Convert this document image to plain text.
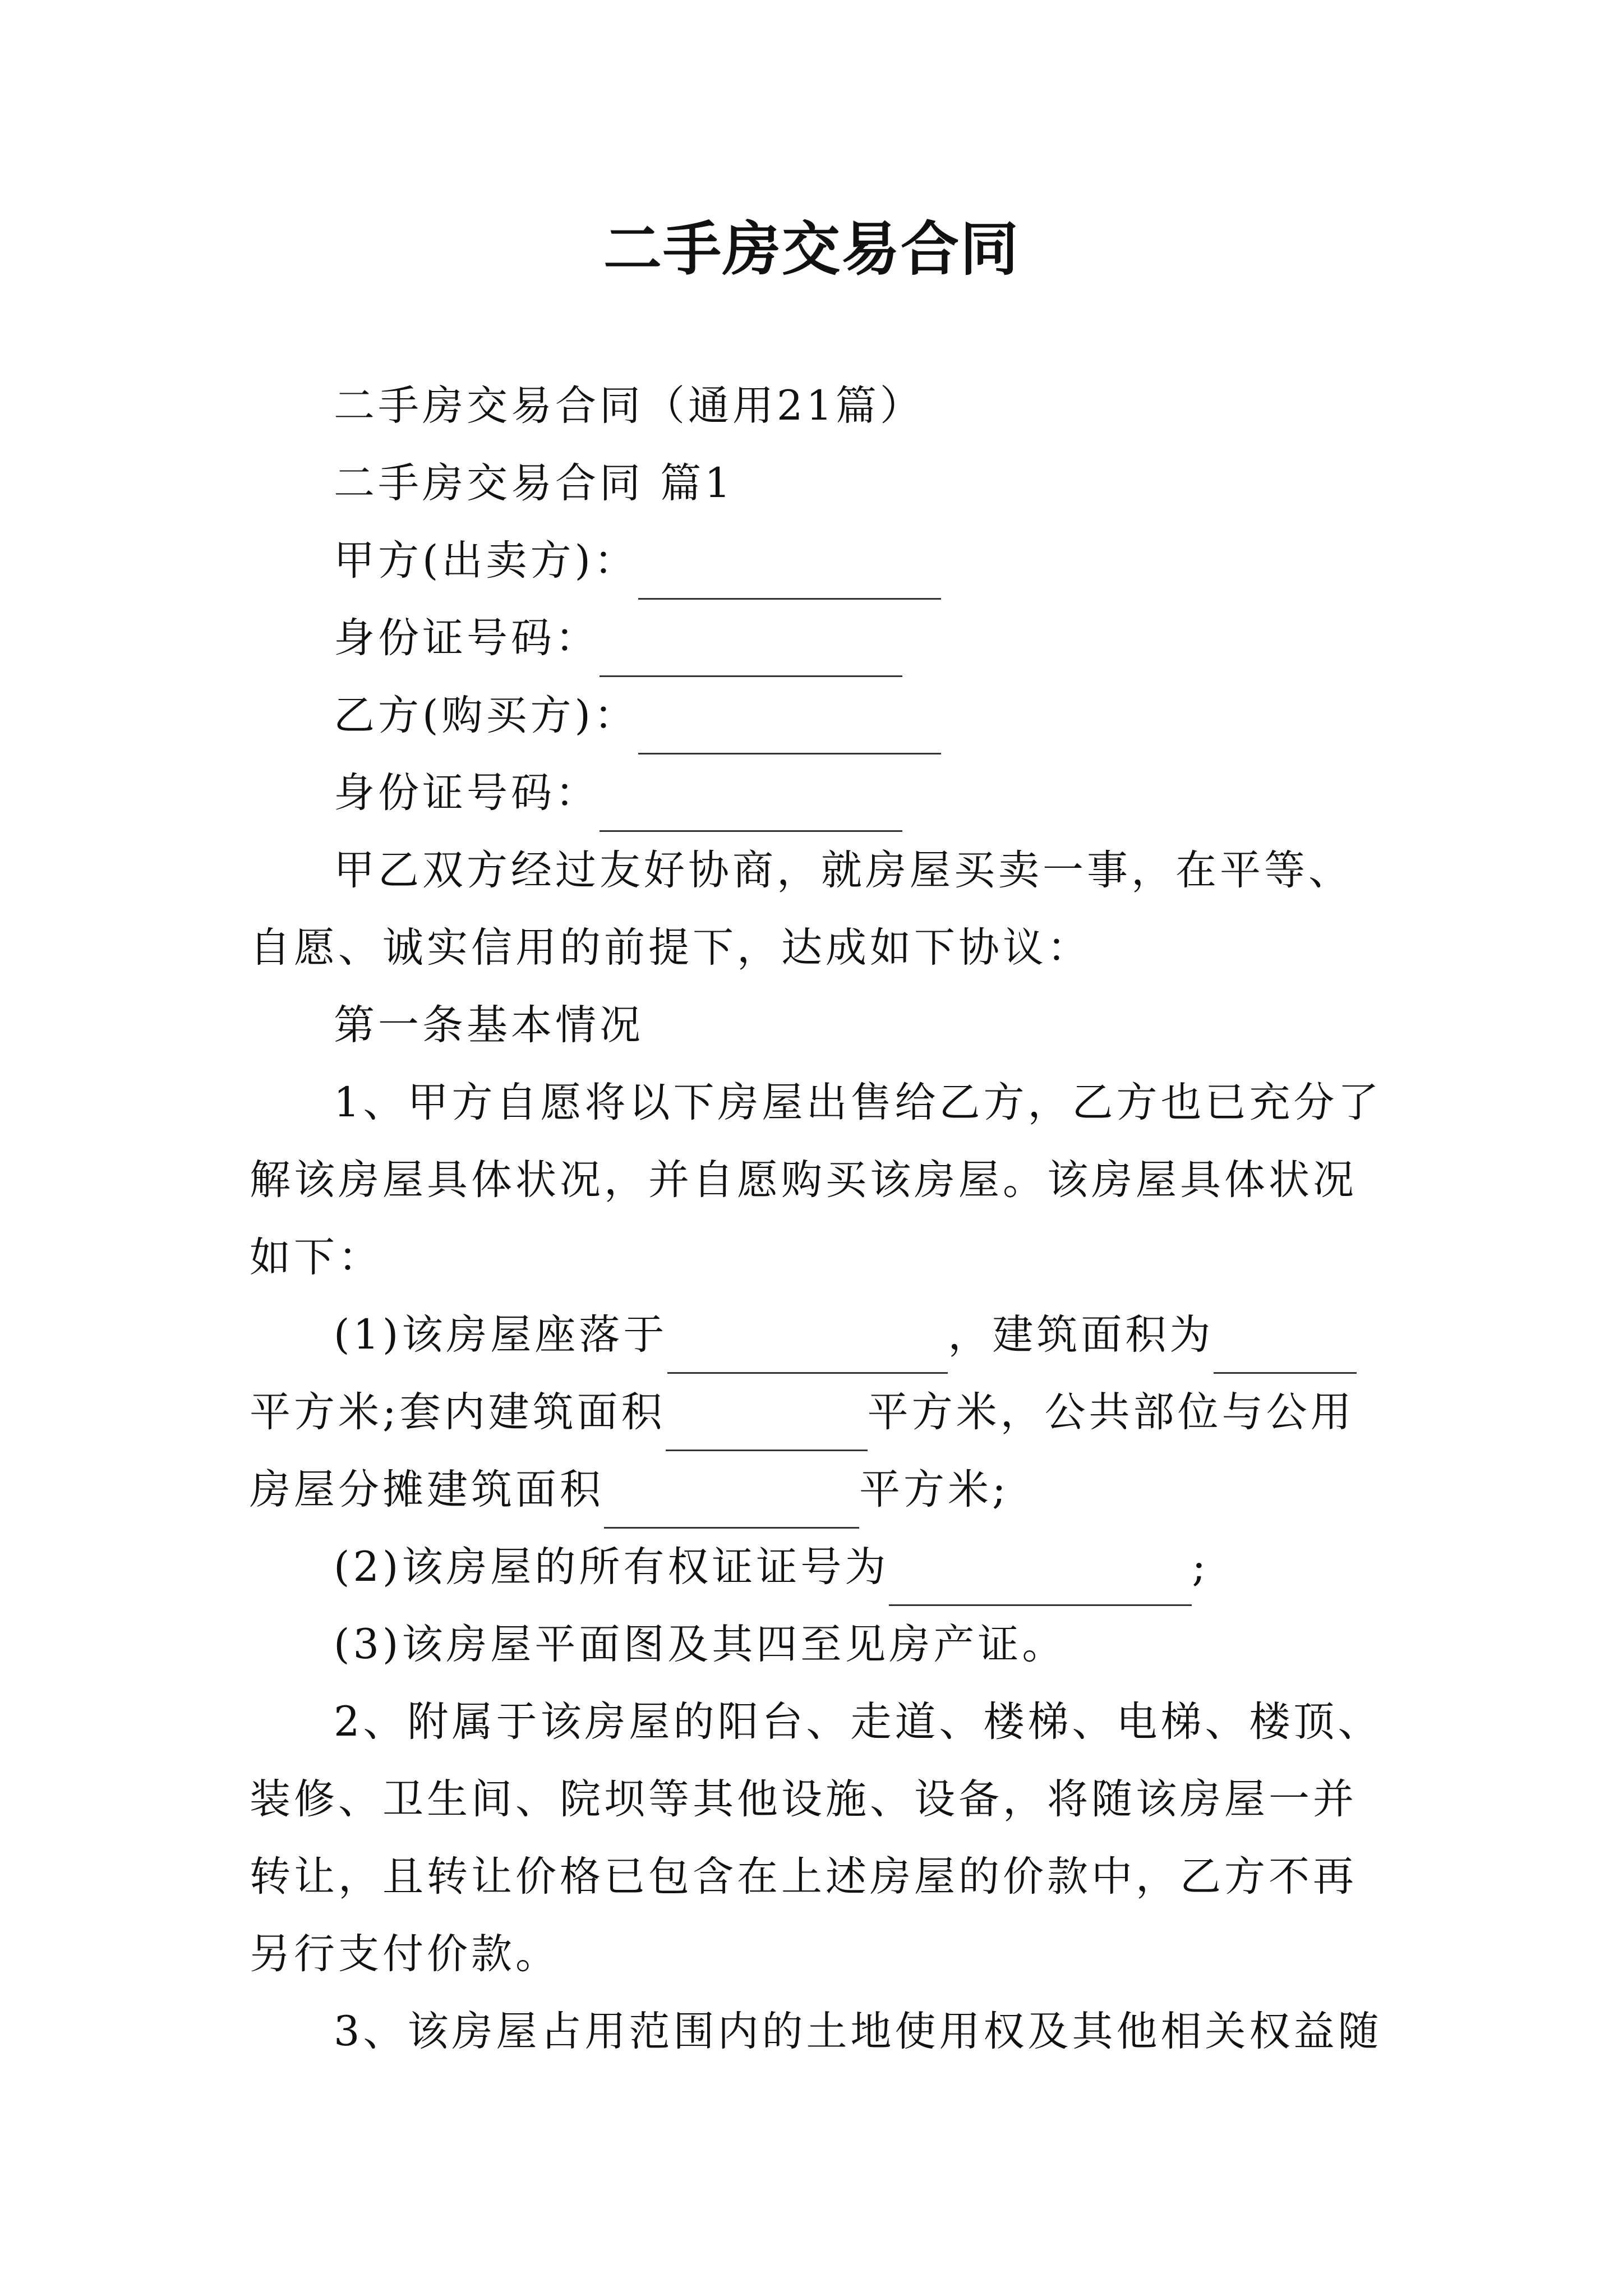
二手房交易合同

二手房交易合同（通用21篇）

二手房交易合同 篇1

甲方(出卖方)：

身份证号码：

乙方(购买方)：

身份证号码：

甲乙双方经过友好协商，就房屋买卖一事，在平等、自愿、诚实信用的前提下，达成如下协议：

第一条基本情况

1、甲方自愿将以下房屋出售给乙方，乙方也已充分了解该房屋具体状况，并自愿购买该房屋。该房屋具体状况如下：

(1)该房屋座落于	，建筑面积为平方米;套内建筑面积	平方米，公共部位与公用房屋分摊建筑面积	平方米;

(2)该房屋的所有权证证号为	;

(3)该房屋平面图及其四至见房产证。

2、附属于该房屋的阳台、走道、楼梯、电梯、楼顶、装修、卫生间、院坝等其他设施、设备，将随该房屋一并转让，且转让价格已包含在上述房屋的价款中，乙方不再另行支付价款。

3、该房屋占用范围内的土地使用权及其他相关权益随
